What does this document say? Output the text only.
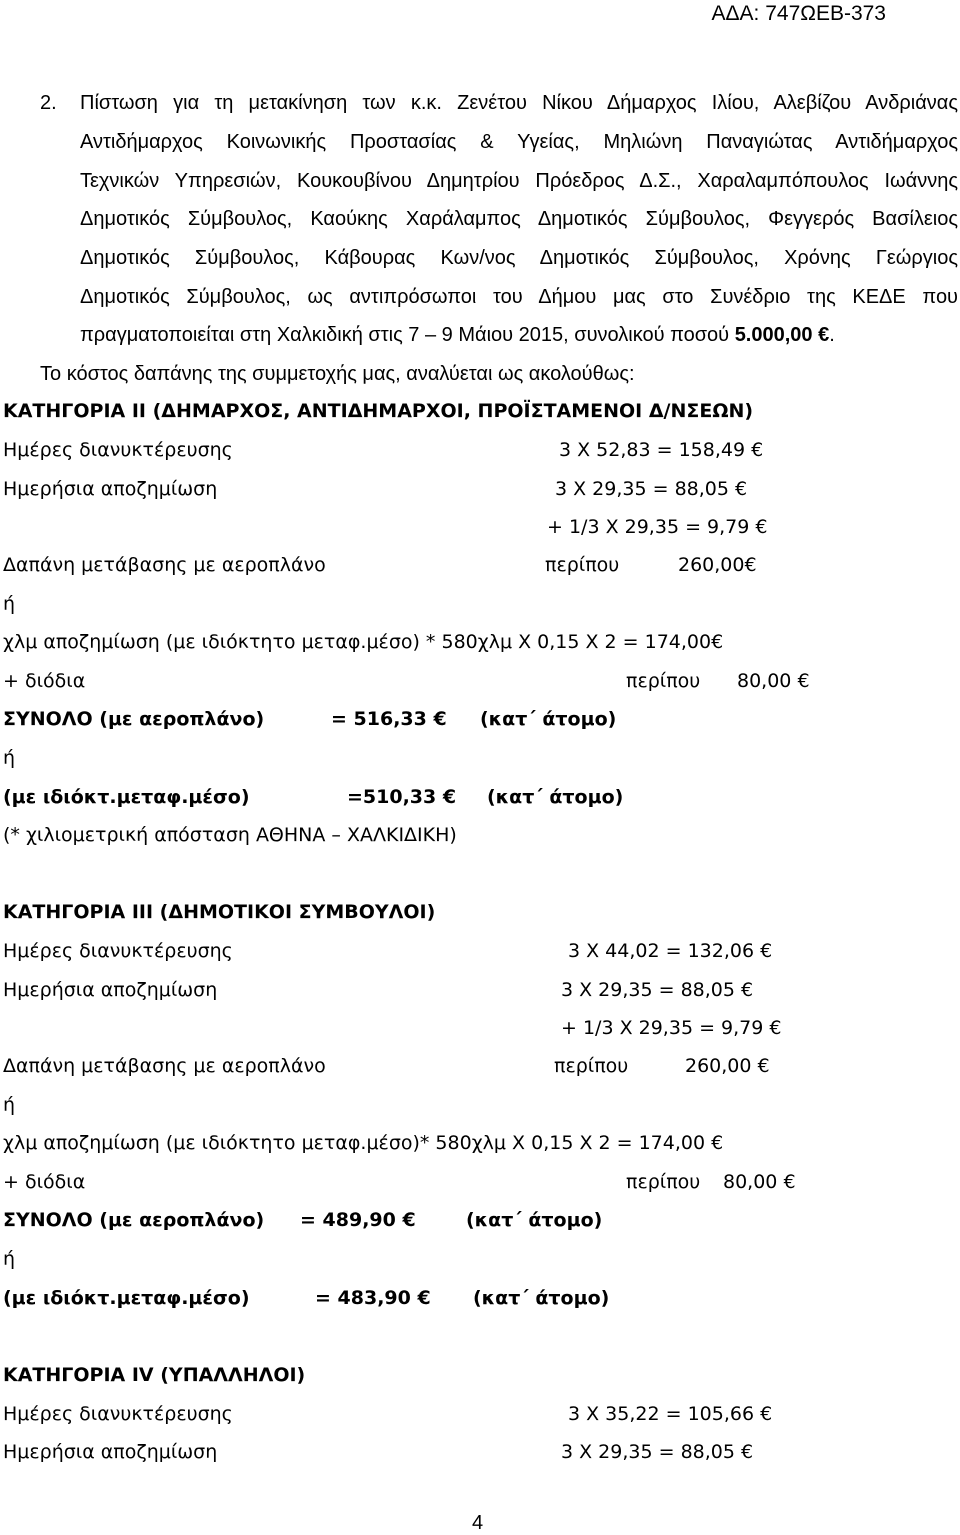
ΑΔΑ: 747ΩΕΒ-373
2. Πίστωση για τη μετακίνηση των κ.κ. Ζενέτου Νίκου Δήμαρχος Ιλίου, Αλεβίζου Ανδριάνας
Αντιδήμαρχος Κοινωνικής Προστασίας & Υγείας, Μηλιώνη Παναγιώτας Αντιδήμαρχος
Τεχνικών Υπηρεσιών, Κουκουβίνου Δημητρίου Πρόεδρος Δ.Σ., Χαραλαμπόπουλος Ιωάννης
Δημοτικός Σύμβουλος, Καούκης Χαράλαμπος Δημοτικός Σύμβουλος, Φεγγερός Βασίλειος
Δημοτικός Σύμβουλος, Κάβουρας Κων/νος Δημοτικός Σύμβουλος, Χρόνης Γεώργιος
Δημοτικός Σύμβουλος, ως αντιπρόσωποι του Δήμου μας στο Συνέδριο της ΚΕΔΕ που
πραγματοποιείται στη Χαλκιδική στις 7 – 9 Μάιου 2015, συνολικού ποσού 5.000,00 €.
Το κόστος δαπάνης της συμμετοχής μας, αναλύεται ως ακολούθως:
ΚΑΤΗΓΟΡΙΑ ΙΙ (ΔΗΜΑΡΧΟΣ, ΑΝΤΙΔΗΜΑΡΧΟΙ, ΠΡΟΪΣΤΑΜΕΝΟΙ Δ/ΝΣΕΩΝ)
Ημέρες διανυκτέρευσης	3 Χ 52,83 = 158,49 €
Ημερήσια αποζημίωση	3 Χ 29,35 = 88,05 €
+ 1/3 Χ 29,35 = 9,79 €
Δαπάνη μετάβασης με αεροπλάνο	περίπου	260,00€
ή
χλμ αποζημίωση (με ιδιόκτητο μεταφ.μέσο) * 580χλμ Χ 0,15 Χ 2 = 174,00€
+ διόδια	περίπου 80,00 €
ΣΥΝΟΛΟ (με αεροπλάνο)	= 516,33 € (κατ΄ άτομο)
ή
(με ιδιόκτ.μεταφ.μέσο)	=510,33 € (κατ΄ άτομο)
(* χιλιομετρική απόσταση ΑΘΗΝΑ – ΧΑΛΚΙΔΙΚΗ)
ΚΑΤΗΓΟΡΙΑ ΙΙΙ (ΔΗΜΟΤΙΚΟΙ ΣΥΜΒΟΥΛΟΙ)
Ημέρες διανυκτέρευσης	3 Χ 44,02 = 132,06 €
Ημερήσια αποζημίωση	3 Χ 29,35 = 88,05 €
+ 1/3 Χ 29,35 = 9,79 €
Δαπάνη μετάβασης με αεροπλάνο	περίπου	260,00 €
ή
χλμ αποζημίωση (με ιδιόκτητο μεταφ.μέσο)* 580χλμ Χ 0,15 Χ 2 = 174,00 €
+ διόδια	περίπου 80,00 €
ΣΥΝΟΛΟ (με αεροπλάνο) = 489,90 €	(κατ΄ άτομο)
ή
(με ιδιόκτ.μεταφ.μέσο)	= 483,90 € (κατ΄ άτομο)
ΚΑΤΗΓΟΡΙΑ IV (ΥΠΑΛΛΗΛΟΙ)
Ημέρες διανυκτέρευσης	3 Χ 35,22 = 105,66 €
Ημερήσια αποζημίωση	3 Χ 29,35 = 88,05 €
4
